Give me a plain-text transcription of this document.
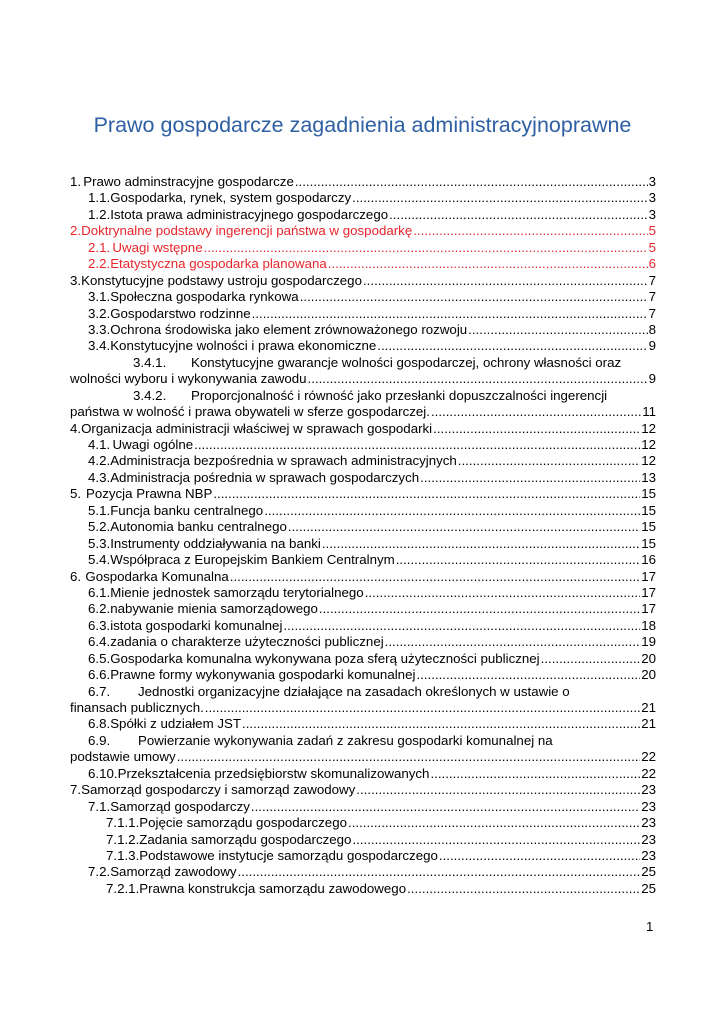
Prawo gospodarcze zagadnienia administracyjnoprawne
1. Prawo adminstracyjne gospodarcze .....	3
1.1. Gospodarka, rynek, system gospodarczy .....	3
1.2. Istota prawa administracyjnego gospodarczego .....	3
2. Doktrynalne podstawy ingerencji państwa w gospodarkę .....	5
2.1. Uwagi wstępne .....	5
2.2. Etatystyczna gospodarka planowana .....	6
3. Konstytucyjne podstawy ustroju gospodarczego .....	7
3.1. Społeczna gospodarka rynkowa .....	7
3.2. Gospodarstwo rodzinne .....	7
3.3. Ochrona środowiska jako element zrównoważonego rozwoju .....	8
3.4. Konstytucyjne wolności i prawa ekonomiczne .....	9
3.4.1. Konstytucyjne gwarancje wolności gospodarczej, ochrony własności oraz
wolności wyboru i wykonywania zawodu .....	9
3.4.2. Proporcjonalność i równość jako przesłanki dopuszczalności ingerencji
państwa w wolność i prawa obywateli w sferze gospodarczej. .....	11
4. Organizacja administracji właściwej w sprawach gospodarki .....	12
4.1. Uwagi ogólne .....	12
4.2. Administracja bezpośrednia w sprawach administracyjnych .....	12
4.3. Administracja pośrednia w sprawach gospodarczych .....	13
5. Pozycja Prawna NBP .....	15
5.1. Funcja banku centralnego .....	15
5.2. Autonomia banku centralnego .....	15
5.3. Instrumenty oddziaływania na banki .....	15
5.4. Współpraca z Europejskim Bankiem Centralnym .....	16
6. Gospodarka Komunalna .....	17
6.1. Mienie jednostek samorządu terytorialnego .....	17
6.2. nabywanie mienia samorządowego .....	17
6.3. istota gospodarki komunalnej .....	18
6.4. zadania o charakterze użyteczności publicznej .....	19
6.5. Gospodarka komunalna wykonywana poza sferą użyteczności publicznej .....	20
6.6. Prawne formy wykonywania gospodarki komunalnej .....	20
6.7. Jednostki organizacyjne działające na zasadach określonych w ustawie o
finansach publicznych. .....	21
6.8. Spółki z udziałem JST .....	21
6.9. Powierzanie wykonywania zadań z zakresu gospodarki komunalnej na
podstawie umowy .....	22
6.10. Przekształcenia przedsiębiorstw skomunalizowanych .....	22
7. Samorząd gospodarczy i samorząd zawodowy .....	23
7.1. Samorząd gospodarczy .....	23
7.1.1. Pojęcie samorządu gospodarczego .....	23
7.1.2. Zadania samorządu gospodarczego .....	23
7.1.3. Podstawowe instytucje samorządu gospodarczego .....	23
7.2. Samorząd zawodowy .....	25
7.2.1. Prawna konstrukcja samorządu zawodowego .....	25
1
